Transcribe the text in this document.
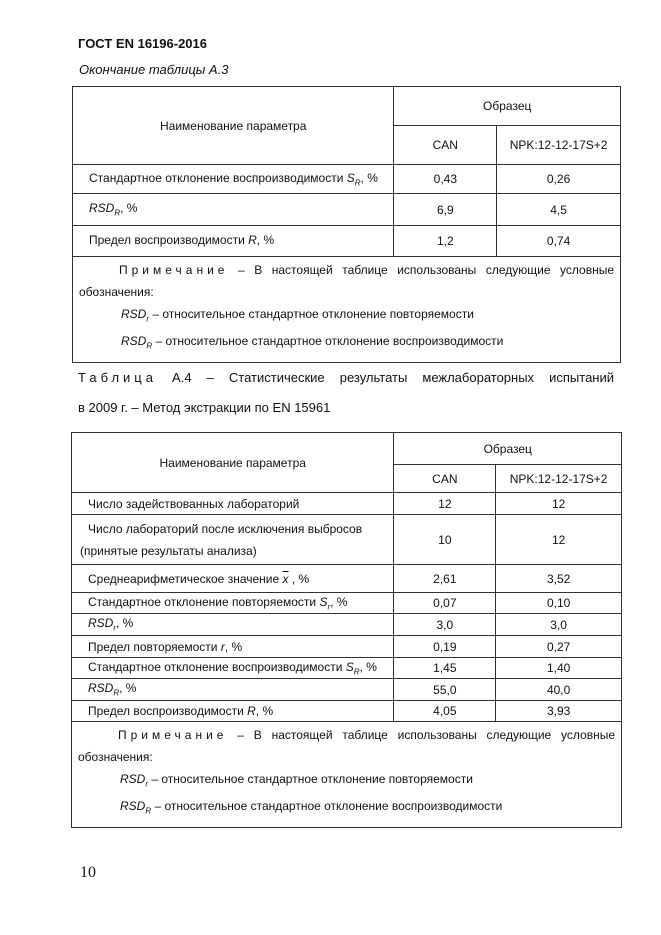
ГОСТ EN 16196-2016
Окончание таблицы А.3
Наименование параметра	Образец	
	CAN	NPK:12-12-17S+2
Стандартное отклонение воспроизводимости $S_R$, %	0,43	0,26
$RSD_R$, %	6,9	4,5
Предел воспроизводимости R, %	1,2	0,74

Примечание – В настоящей таблице использованы следующие условные
обозначения:
$RSD_r$ – относительное стандартное отклонение повторяемости
$RSD_R$ – относительное стандартное отклонение воспроизводимости		
Таблица А.4 – Статистические результаты межлабораторных испытаний
в 2009 г. – Метод экстракции по EN 15961
Наименование параметра	Образец	
	CAN	NPK:12-12-17S+2
Число задействованных лабораторий	12	12

Число лабораторий после исключения выбросов
(принятые результаты анализа)	10	12
Среднеарифметическое значение $\overline{x}$ , %	2,61	3,52
Стандартное отклонение повторяемости $S_r$, %	0,07	0,10
$RSD_r$, %	3,0	3,0
Предел повторяемости r, %	0,19	0,27
Стандартное отклонение воспроизводимости $S_R$, %	1,45	1,40
$RSD_R$, %	55,0	40,0
Предел воспроизводимости R, %	4,05	3,93

Примечание – В настоящей таблице использованы следующие условные
обозначения:
$RSD_r$ – относительное стандартное отклонение повторяемости
$RSD_R$ – относительное стандартное отклонение воспроизводимости		
10
